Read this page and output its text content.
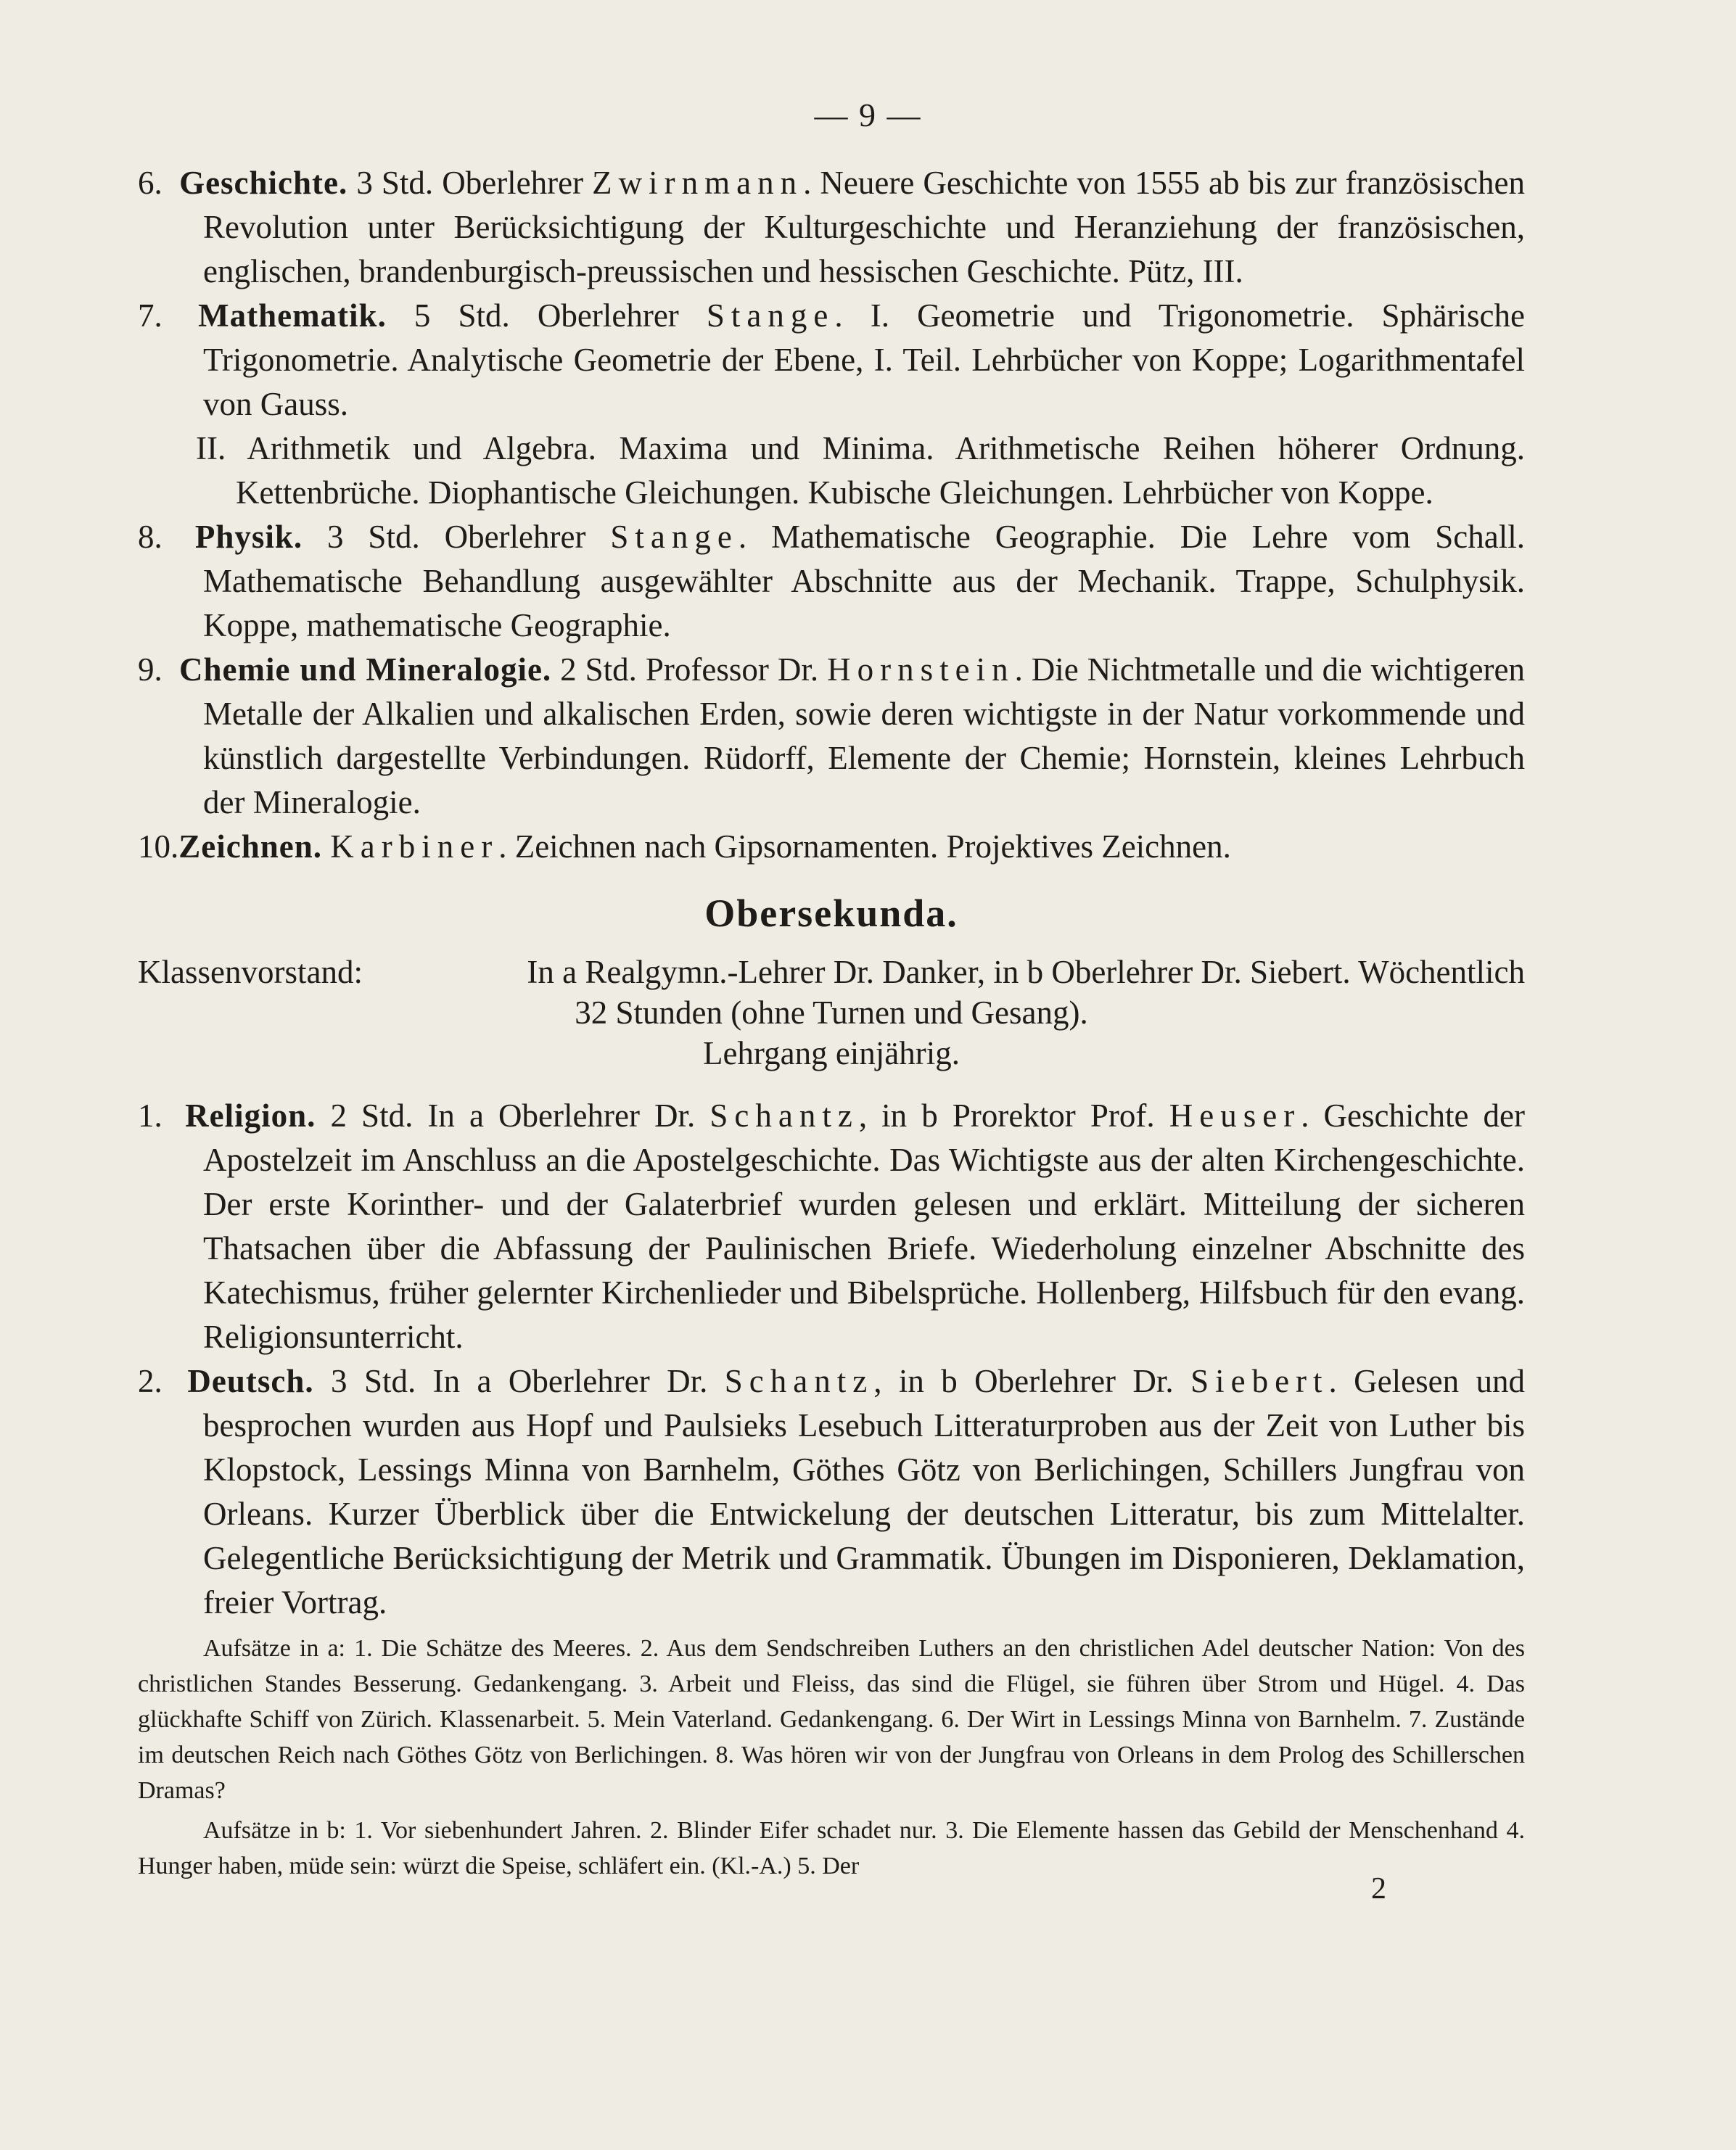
— 9 —

6. Geschichte. 3 Std. Oberlehrer Zwirnmann. Neuere Geschichte von 1555 ab bis zur französischen Revolution unter Berücksichtigung der Kulturgeschichte und Heranziehung der französischen, englischen, brandenburgisch-preussischen und hessischen Geschichte. Pütz, III.

7. Mathematik. 5 Std. Oberlehrer Stange. I. Geometrie und Trigonometrie. Sphärische Trigonometrie. Analytische Geometrie der Ebene, I. Teil. Lehrbücher von Koppe; Logarithmentafel von Gauss.

II. Arithmetik und Algebra. Maxima und Minima. Arithmetische Reihen höherer Ordnung. Kettenbrüche. Diophantische Gleichungen. Kubische Gleichungen. Lehrbücher von Koppe.

8. Physik. 3 Std. Oberlehrer Stange. Mathematische Geographie. Die Lehre vom Schall. Mathematische Behandlung ausgewählter Abschnitte aus der Mechanik. Trappe, Schulphysik. Koppe, mathematische Geographie.

9. Chemie und Mineralogie. 2 Std. Professor Dr. Hornstein. Die Nichtmetalle und die wichtigeren Metalle der Alkalien und alkalischen Erden, sowie deren wichtigste in der Natur vorkommende und künstlich dargestellte Verbindungen. Rüdorff, Elemente der Chemie; Hornstein, kleines Lehrbuch der Mineralogie.

10. Zeichnen. Karbiner. Zeichnen nach Gipsornamenten. Projektives Zeichnen.

Obersekunda.
Klassenvorstand:	In a Realgymn.-Lehrer Dr. Danker, in b Oberlehrer Dr. Siebert. Wöchentlich
32 Stunden (ohne Turnen und Gesang).
Lehrgang einjährig.

1. Religion. 2 Std. In a Oberlehrer Dr. Schantz, in b Prorektor Prof. Heuser. Geschichte der Apostelzeit im Anschluss an die Apostelgeschichte. Das Wichtigste aus der alten Kirchengeschichte. Der erste Korinther- und der Galaterbrief wurden gelesen und erklärt. Mitteilung der sicheren Thatsachen über die Abfassung der Paulinischen Briefe. Wiederholung einzelner Abschnitte des Katechismus, früher gelernter Kirchenlieder und Bibelsprüche. Hollenberg, Hilfsbuch für den evang. Religionsunterricht.

2. Deutsch. 3 Std. In a Oberlehrer Dr. Schantz, in b Oberlehrer Dr. Siebert. Gelesen und besprochen wurden aus Hopf und Paulsieks Lesebuch Litteraturproben aus der Zeit von Luther bis Klopstock, Lessings Minna von Barnhelm, Göthes Götz von Berlichingen, Schillers Jungfrau von Orleans. Kurzer Überblick über die Entwickelung der deutschen Litteratur, bis zum Mittelalter. Gelegentliche Berücksichtigung der Metrik und Grammatik. Übungen im Disponieren, Deklamation, freier Vortrag.

Aufsätze in a: 1. Die Schätze des Meeres. 2. Aus dem Sendschreiben Luthers an den christlichen Adel deutscher Nation: Von des christlichen Standes Besserung. Gedankengang. 3. Arbeit und Fleiss, das sind die Flügel, sie führen über Strom und Hügel. 4. Das glückhafte Schiff von Zürich. Klassenarbeit. 5. Mein Vaterland. Gedankengang. 6. Der Wirt in Lessings Minna von Barnhelm. 7. Zustände im deutschen Reich nach Göthes Götz von Berlichingen. 8. Was hören wir von der Jungfrau von Orleans in dem Prolog des Schillerschen Dramas?

Aufsätze in b: 1. Vor siebenhundert Jahren. 2. Blinder Eifer schadet nur. 3. Die Elemente hassen das Gebild der Menschenhand 4. Hunger haben, müde sein: würzt die Speise, schläfert ein. (Kl.-A.) 5. Der

2
